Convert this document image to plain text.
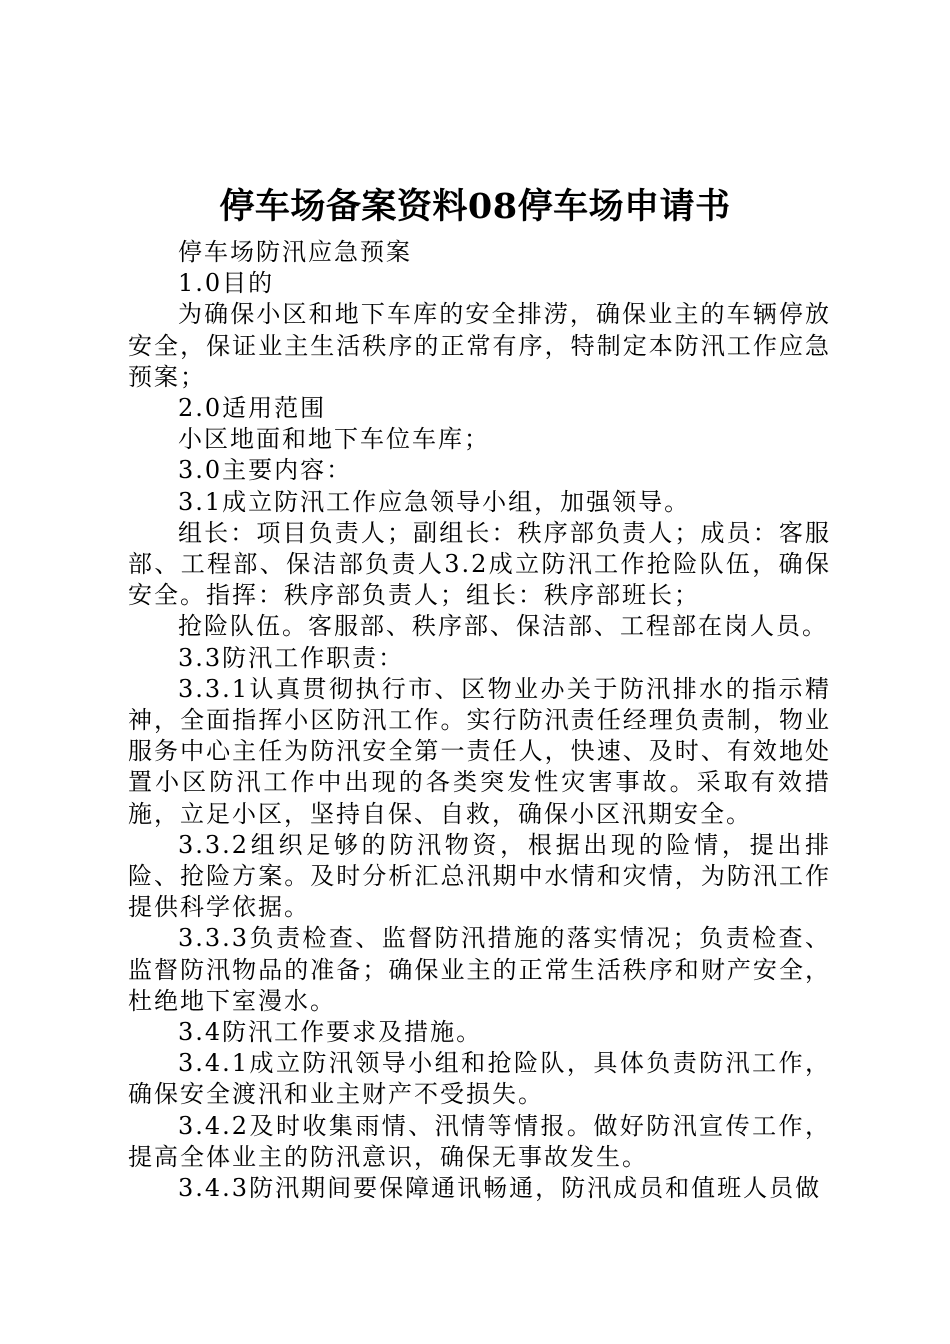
停车场备案资料08停车场申请书

停车场防汛应急预案

1.0目的

为确保小区和地下车库的安全排涝，确保业主的车辆停放安全，保证业主生活秩序的正常有序，特制定本防汛工作应急预案；

2.0适用范围

小区地面和地下车位车库；

3.0主要内容：

3.1成立防汛工作应急领导小组，加强领导。

组长：项目负责人；副组长：秩序部负责人；成员：客服部、工程部、保洁部负责人3.2成立防汛工作抢险队伍，确保安全。指挥：秩序部负责人；组长：秩序部班长；

抢险队伍。客服部、秩序部、保洁部、工程部在岗人员。

3.3防汛工作职责：

3.3.1认真贯彻执行市、区物业办关于防汛排水的指示精神，全面指挥小区防汛工作。实行防汛责任经理负责制，物业服务中心主任为防汛安全第一责任人，快速、及时、有效地处置小区防汛工作中出现的各类突发性灾害事故。采取有效措施，立足小区，坚持自保、自救，确保小区汛期安全。

3.3.2组织足够的防汛物资，根据出现的险情，提出排险、抢险方案。及时分析汇总汛期中水情和灾情，为防汛工作提供科学依据。

3.3.3负责检查、监督防汛措施的落实情况；负责检查、监督防汛物品的准备；确保业主的正常生活秩序和财产安全，杜绝地下室漫水。

3.4防汛工作要求及措施。

3.4.1成立防汛领导小组和抢险队，具体负责防汛工作，确保安全渡汛和业主财产不受损失。

3.4.2及时收集雨情、汛情等情报。做好防汛宣传工作，提高全体业主的防汛意识，确保无事故发生。

3.4.3防汛期间要保障通讯畅通，防汛成员和值班人员做
